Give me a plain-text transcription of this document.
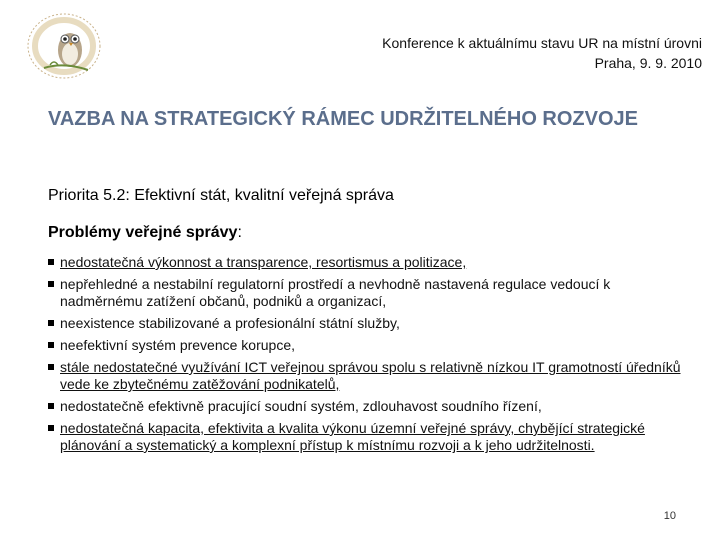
Konference k aktuálnímu stavu UR na místní úrovni
Praha, 9. 9. 2010
VAZBA NA STRATEGICKÝ RÁMEC UDRŽITELNÉHO ROZVOJE
Priorita 5.2: Efektivní stát, kvalitní veřejná správa
Problémy veřejné správy:
nedostatečná výkonnost a transparence, resortismus a politizace,
nepřehledné a nestabilní regulatorní prostředí a nevhodně nastavená regulace vedoucí k nadměrnému zatížení občanů, podniků a organizací,
neexistence stabilizované a profesionální státní služby,
neefektivní systém prevence korupce,
stále nedostatečné využívání ICT veřejnou správou spolu s relativně nízkou IT gramotností úředníků vede ke zbytečnému zatěžování podnikatelů,
nedostatečně efektivně pracující soudní systém, zdlouhavost soudního řízení,
nedostatečná kapacita, efektivita a kvalita výkonu územní veřejné správy, chybějící strategické plánování a systematický a komplexní přístup k místnímu rozvoji a k jeho udržitelnosti.
10
